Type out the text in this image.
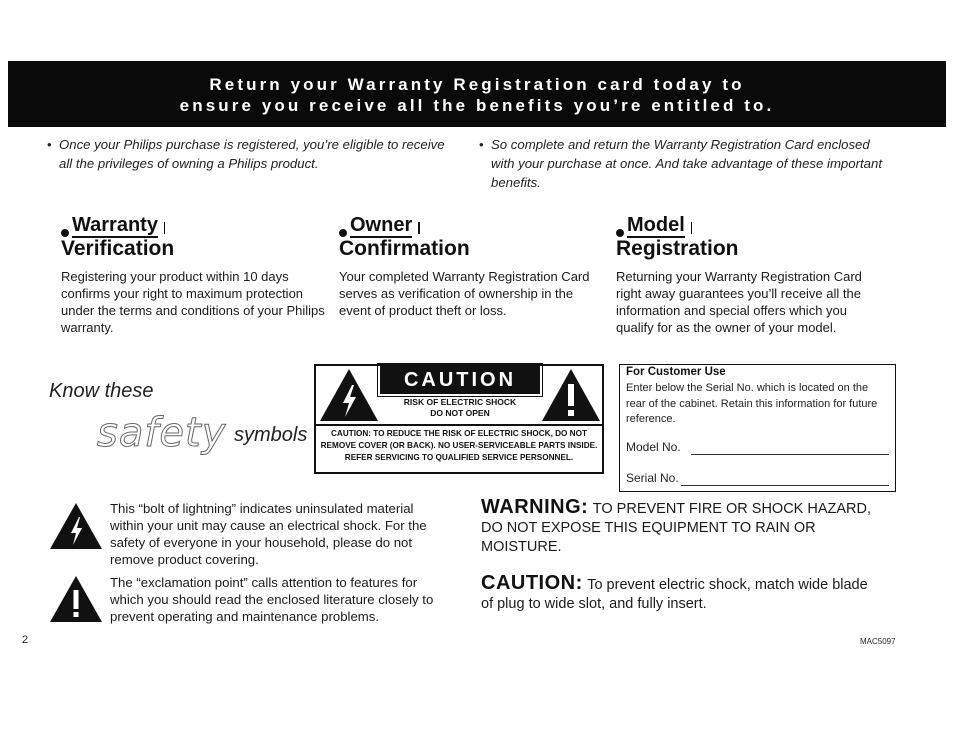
Return your Warranty Registration card today to
ensure you receive all the benefits you’re entitled to.
• Once your Philips purchase is registered, you’re eligible to receive all the privileges of owning a Philips product.
• So complete and return the Warranty Registration Card enclosed with your purchase at once. And take advantage of these important benefits.
Warranty
Verification
Registering your product within 10 days confirms your right to maximum protection under the terms and conditions of your Philips warranty.
Owner
Confirmation
Your completed Warranty Registration Card serves as verification of ownership in the event of product theft or loss.
Model
Registration
Returning your Warranty Registration Card right away guarantees you’ll receive all the information and special offers which you qualify for as the owner of your model.
Know these
safety symbols
CAUTION
RISK OF ELECTRIC SHOCK
DO NOT OPEN
CAUTION: TO REDUCE THE RISK OF ELECTRIC SHOCK, DO NOT REMOVE COVER (OR BACK). NO USER-SERVICEABLE PARTS INSIDE. REFER SERVICING TO QUALIFIED SERVICE PERSONNEL.
For Customer Use
Enter below the Serial No. which is located on the rear of the cabinet. Retain this information for future reference.
Model No.
Serial No.
This “bolt of lightning” indicates uninsulated material within your unit may cause an electrical shock. For the safety of everyone in your household, please do not remove product covering.
The “exclamation point” calls attention to features for which you should read the enclosed literature closely to prevent operating and maintenance problems.
WARNING: TO PREVENT FIRE OR SHOCK HAZARD, DO NOT EXPOSE THIS EQUIPMENT TO RAIN OR MOISTURE.
CAUTION: To prevent electric shock, match wide blade of plug to wide slot, and fully insert.
2	MAC5097
